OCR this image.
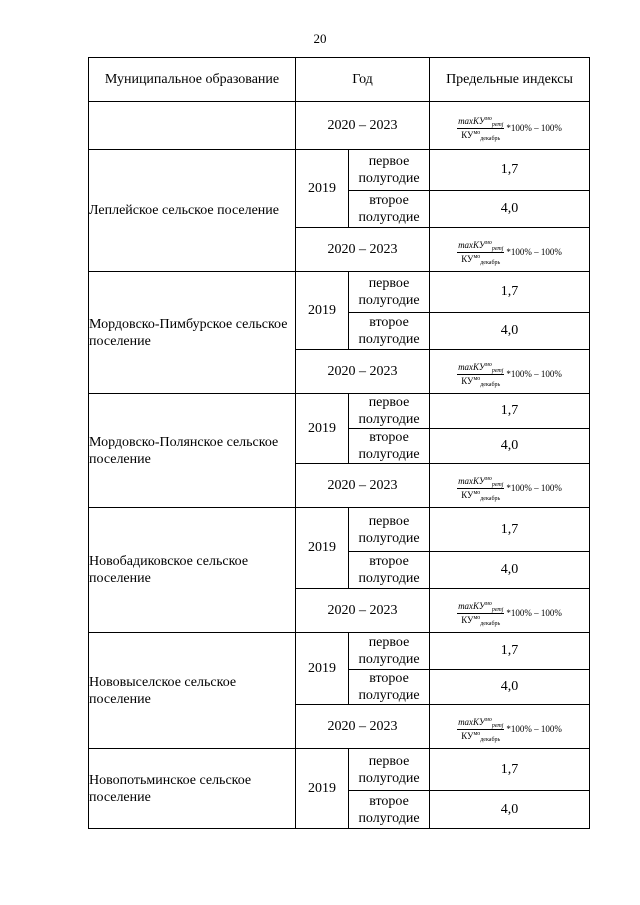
20
Муниципальное образование	Год		Предельные индексы
	2020 – 2023		$\frac{\max КУ^{мо}_{ретj}}{КУ^{мо}_{декабрь}} *100\% - 100\%$

Леплейское сельское поселение	2019	первое полугодие	1,7
		второе полугодие	4,0
	2020 – 2023		$\frac{\max КУ^{мо}_{ретj}}{КУ^{мо}_{декабрь}} *100\% - 100\%$

Мордовско-Пимбурское сельское поселение	2019	первое полугодие	1,7
		второе полугодие	4,0
	2020 – 2023		$\frac{\max КУ^{мо}_{ретj}}{КУ^{мо}_{декабрь}} *100\% - 100\%$

Мордовско-Полянское сельское поселение	2019	первое полугодие	1,7
		второе полугодие	4,0
	2020 – 2023		$\frac{\max КУ^{мо}_{ретj}}{КУ^{мо}_{декабрь}} *100\% - 100\%$

Новобадиковское сельское поселение	2019	первое полугодие	1,7
		второе полугодие	4,0
	2020 – 2023		$\frac{\max КУ^{мо}_{ретj}}{КУ^{мо}_{декабрь}} *100\% - 100\%$

Нововыселское сельское поселение	2019	первое полугодие	1,7
		второе полугодие	4,0
	2020 – 2023		$\frac{\max КУ^{мо}_{ретj}}{КУ^{мо}_{декабрь}} *100\% - 100\%$

Новопотьминское сельское поселение	2019	первое полугодие	1,7
		второе полугодие	4,0
